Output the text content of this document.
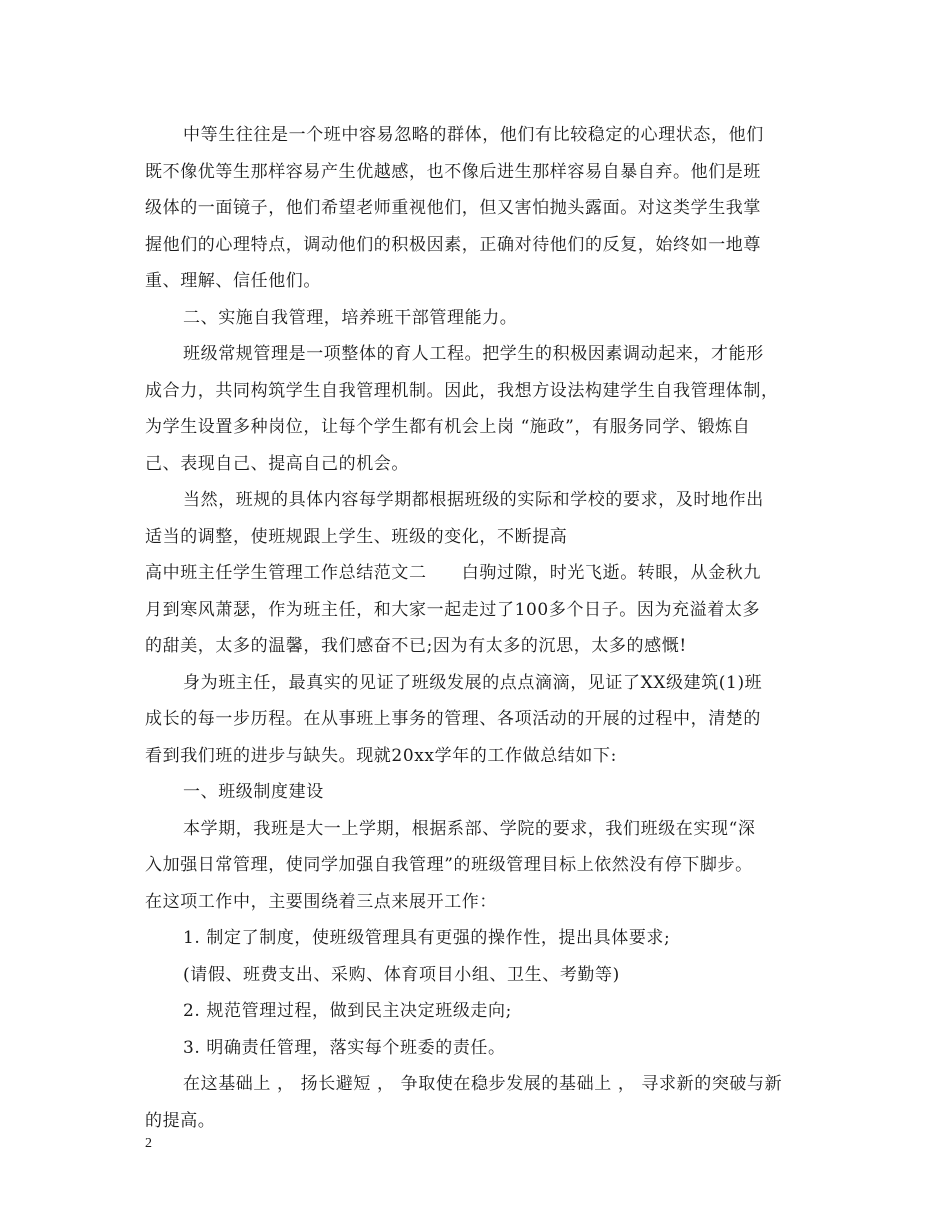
中等生往往是一个班中容易忽略的群体，他们有比较稳定的心理状态，他们
既不像优等生那样容易产生优越感，也不像后进生那样容易自暴自弃。他们是班
级体的一面镜子，他们希望老师重视他们，但又害怕抛头露面。对这类学生我掌
握他们的心理特点，调动他们的积极因素，正确对待他们的反复，始终如一地尊
重、理解、信任他们。
二、实施自我管理，培养班干部管理能力。
班级常规管理是一项整体的育人工程。把学生的积极因素调动起来，才能形
成合力，共同构筑学生自我管理机制。因此，我想方设法构建学生自我管理体制，
为学生设置多种岗位，让每个学生都有机会上岗 “施政”，有服务同学、锻炼自
己、表现自己、提高自己的机会。
当然，班规的具体内容每学期都根据班级的实际和学校的要求，及时地作出
适当的调整，使班规跟上学生、班级的变化，不断提高
高中班主任学生管理工作总结范文二　　白驹过隙，时光飞逝。转眼，从金秋九
月到寒风萧瑟，作为班主任，和大家一起走过了100多个日子。因为充溢着太多
的甜美，太多的温馨，我们感奋不已;因为有太多的沉思，太多的感慨!
身为班主任，最真实的见证了班级发展的点点滴滴，见证了XX级建筑(1)班
成长的每一步历程。在从事班上事务的管理、各项活动的开展的过程中，清楚的
看到我们班的进步与缺失。现就20xx学年的工作做总结如下:
一、班级制度建设
本学期，我班是大一上学期，根据系部、学院的要求，我们班级在实现“深
入加强日常管理，使同学加强自我管理”的班级管理目标上依然没有停下脚步。
在这项工作中，主要围绕着三点来展开工作：
1. 制定了制度，使班级管理具有更强的操作性，提出具体要求;
(请假、班费支出、采购、体育项目小组、卫生、考勤等)
2. 规范管理过程，做到民主决定班级走向;
3. 明确责任管理，落实每个班委的责任。
在这基础上 ， 扬长避短 ， 争取使在稳步发展的基础上 ， 寻求新的突破与新
的提高。
2
